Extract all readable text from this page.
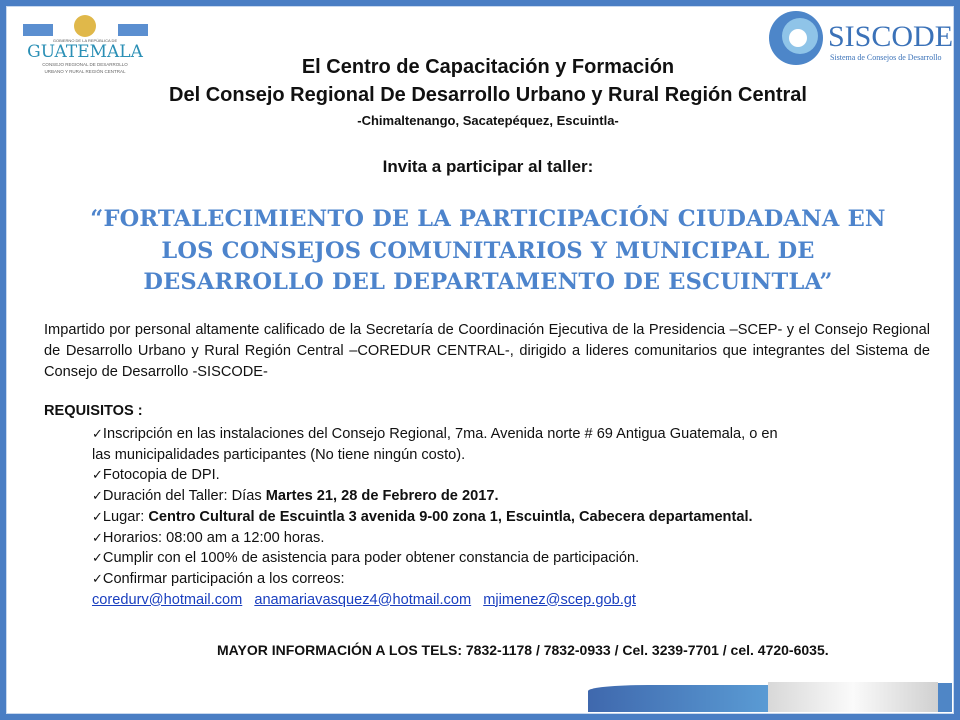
GOBIERNO DE LA REPÚBLICA DE
GUATEMALA
CONSEJO REGIONAL DE DESARROLLO
URBANO Y RURAL REGIÓN CENTRAL
SISCODE
Sistema de Consejos de Desarrollo
El Centro de Capacitación y Formación
Del Consejo Regional De Desarrollo Urbano y Rural Región Central
-Chimaltenango, Sacatepéquez, Escuintla-
Invita a participar al taller:
“FORTALECIMIENTO DE LA PARTICIPACIÓN CIUDADANA EN
LOS CONSEJOS COMUNITARIOS Y MUNICIPAL DE
DESARROLLO DEL DEPARTAMENTO DE ESCUINTLA”
Impartido por personal altamente calificado de la Secretaría de Coordinación Ejecutiva de la Presidencia –SCEP- y el Consejo Regional de Desarrollo Urbano y Rural Región Central –COREDUR CENTRAL-, dirigido a lideres comunitarios que integrantes del Sistema de Consejo de Desarrollo -SISCODE-
REQUISITOS :
✓Inscripción en las instalaciones del Consejo Regional, 7ma. Avenida norte # 69 Antigua Guatemala, o en
las municipalidades participantes (No tiene ningún costo).
✓Fotocopia de DPI.
✓Duración del Taller: Días Martes 21, 28 de Febrero de 2017.
✓Lugar: Centro Cultural de Escuintla 3 avenida 9-00 zona 1, Escuintla, Cabecera departamental.
✓Horarios: 08:00 am a 12:00 horas.
✓Cumplir con el 100% de asistencia para poder obtener constancia de participación.
✓Confirmar participación a los correos:
coredurv@hotmail.com anamariavasquez4@hotmail.com mjimenez@scep.gob.gt
MAYOR INFORMACIÓN A LOS TELS: 7832-1178 / 7832-0933 / Cel. 3239-7701 / cel. 4720-6035.
